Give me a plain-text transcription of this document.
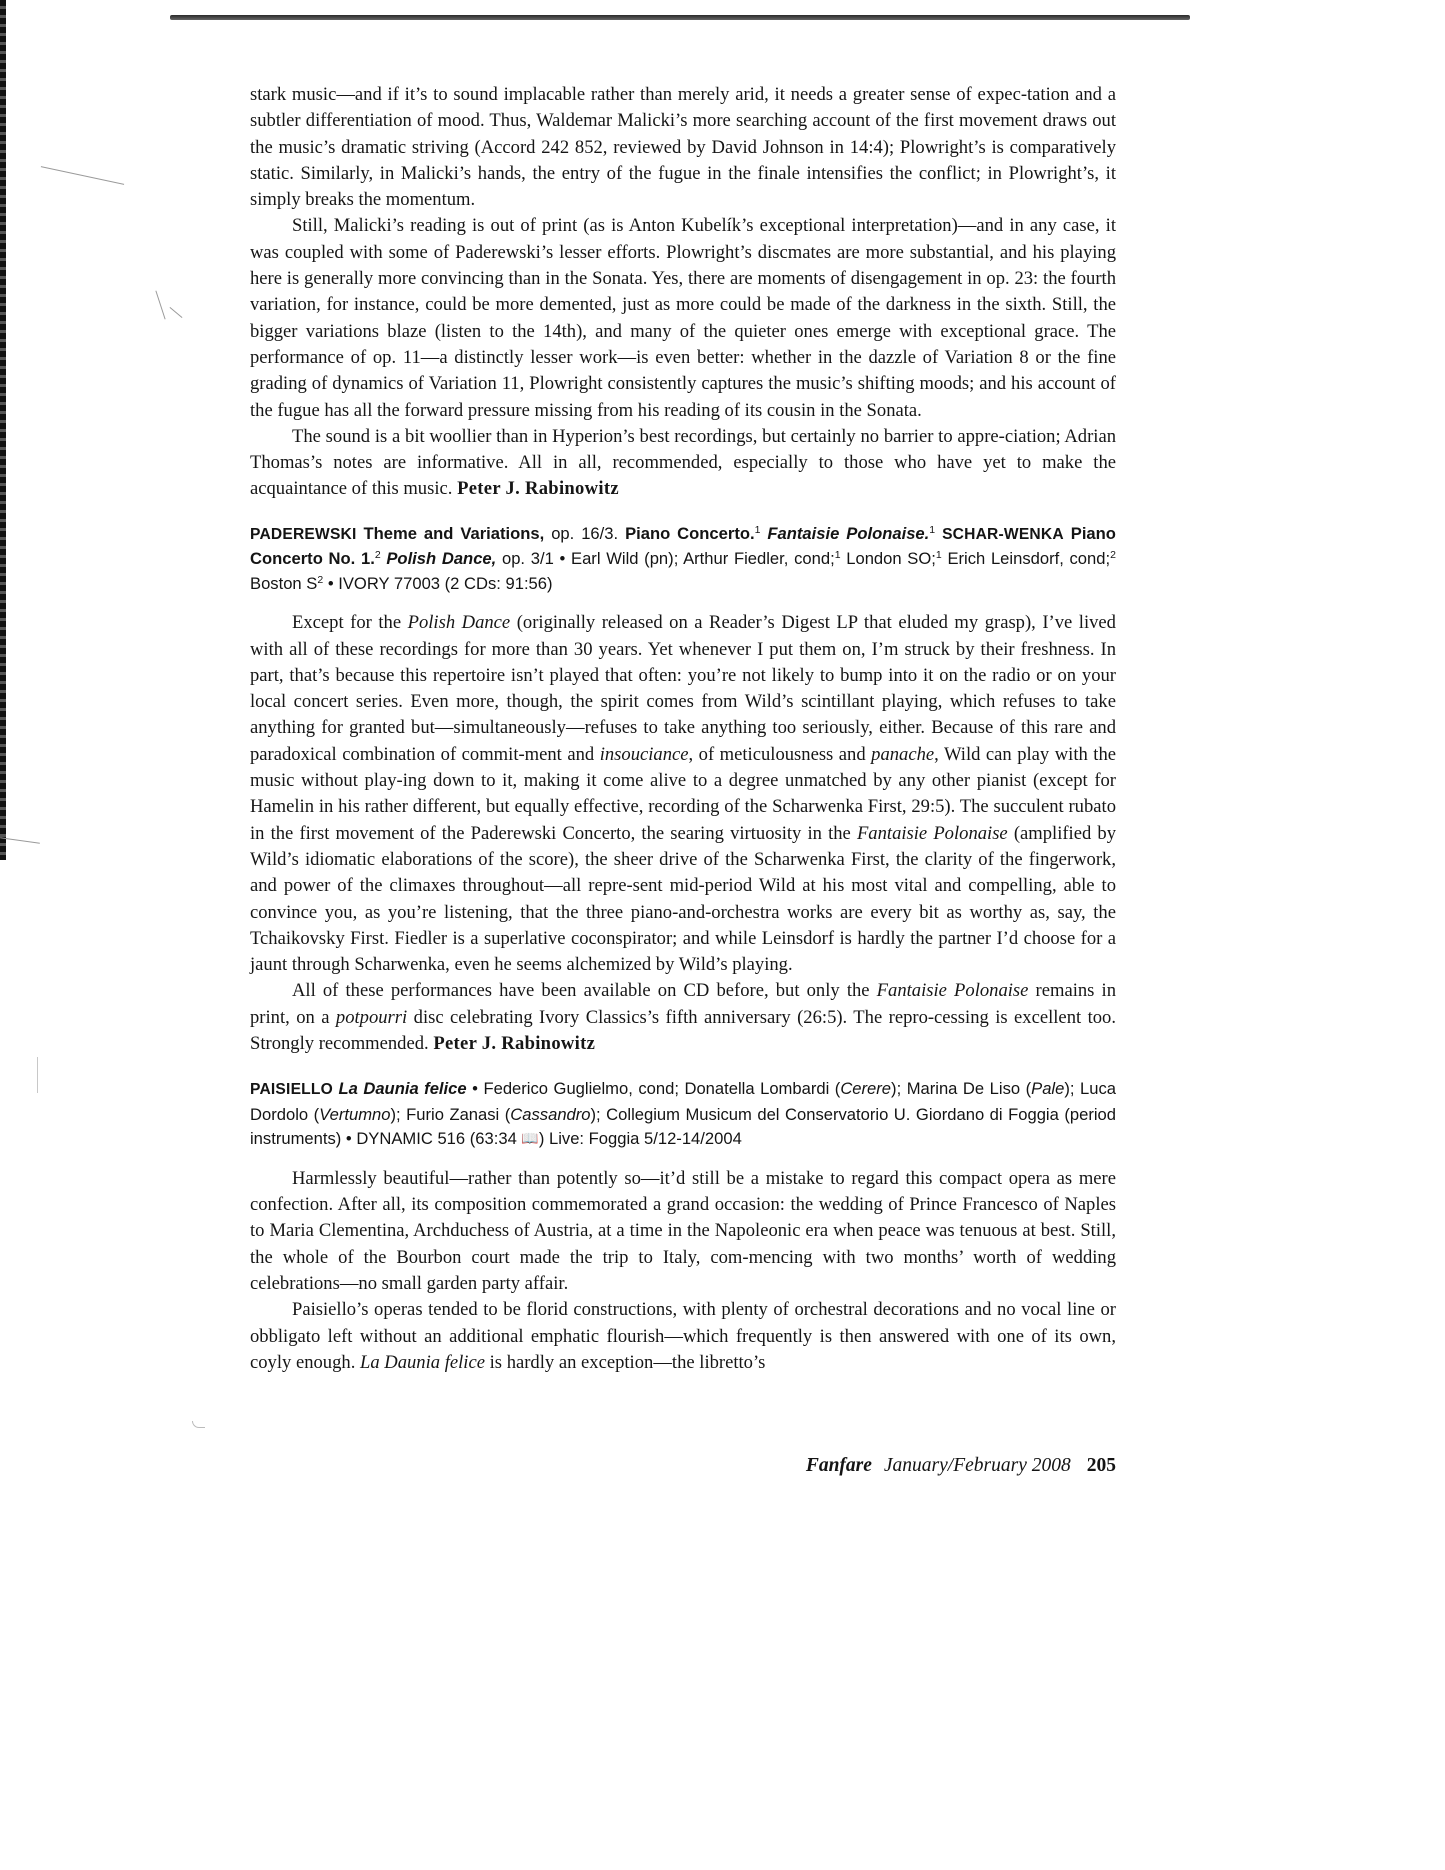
stark music—and if it’s to sound implacable rather than merely arid, it needs a greater sense of expec-tation and a subtler differentiation of mood. Thus, Waldemar Malicki’s more searching account of the first movement draws out the music’s dramatic striving (Accord 242 852, reviewed by David Johnson in 14:4); Plowright’s is comparatively static. Similarly, in Malicki’s hands, the entry of the fugue in the finale intensifies the conflict; in Plowright’s, it simply breaks the momentum.

Still, Malicki’s reading is out of print (as is Anton Kubelík’s exceptional interpretation)—and in any case, it was coupled with some of Paderewski’s lesser efforts. Plowright’s discmates are more substantial, and his playing here is generally more convincing than in the Sonata. Yes, there are moments of disengagement in op. 23: the fourth variation, for instance, could be more demented, just as more could be made of the darkness in the sixth. Still, the bigger variations blaze (listen to the 14th), and many of the quieter ones emerge with exceptional grace. The performance of op. 11—a distinctly lesser work—is even better: whether in the dazzle of Variation 8 or the fine grading of dynamics of Variation 11, Plowright consistently captures the music’s shifting moods; and his account of the fugue has all the forward pressure missing from his reading of its cousin in the Sonata.

The sound is a bit woollier than in Hyperion’s best recordings, but certainly no barrier to appre-ciation; Adrian Thomas’s notes are informative. All in all, recommended, especially to those who have yet to make the acquaintance of this music. Peter J. Rabinowitz

PADEREWSKI Theme and Variations, op. 16/3. Piano Concerto.$^1$ Fantaisie Polonaise.$^1$ SCHAR-WENKA Piano Concerto No. 1.$^2$ Polish Dance, op. 3/1 • Earl Wild (pn); Arthur Fiedler, cond;$^1$ London SO;$^1$ Erich Leinsdorf, cond;$^2$ Boston $S^2$ • IVORY 77003 (2 CDs: 91:56)

Except for the Polish Dance (originally released on a Reader’s Digest LP that eluded my grasp), I’ve lived with all of these recordings for more than 30 years. Yet whenever I put them on, I’m struck by their freshness. In part, that’s because this repertoire isn’t played that often: you’re not likely to bump into it on the radio or on your local concert series. Even more, though, the spirit comes from Wild’s scintillant playing, which refuses to take anything for granted but—simultaneously—refuses to take anything too seriously, either. Because of this rare and paradoxical combination of commit-ment and insouciance, of meticulousness and panache, Wild can play with the music without play-ing down to it, making it come alive to a degree unmatched by any other pianist (except for Hamelin in his rather different, but equally effective, recording of the Scharwenka First, 29:5). The succulent rubato in the first movement of the Paderewski Concerto, the searing virtuosity in the Fantaisie Polonaise (amplified by Wild’s idiomatic elaborations of the score), the sheer drive of the Scharwenka First, the clarity of the fingerwork, and power of the climaxes throughout—all repre-sent mid-period Wild at his most vital and compelling, able to convince you, as you’re listening, that the three piano-and-orchestra works are every bit as worthy as, say, the Tchaikovsky First. Fiedler is a superlative coconspirator; and while Leinsdorf is hardly the partner I’d choose for a jaunt through Scharwenka, even he seems alchemized by Wild’s playing.

All of these performances have been available on CD before, but only the Fantaisie Polonaise remains in print, on a potpourri disc celebrating Ivory Classics’s fifth anniversary (26:5). The repro-cessing is excellent too. Strongly recommended. Peter J. Rabinowitz

PAISIELLO La Daunia felice • Federico Guglielmo, cond; Donatella Lombardi (Cerere); Marina De Liso (Pale); Luca Dordolo (Vertumno); Furio Zanasi (Cassandro); Collegium Musicum del Conservatorio U. Giordano di Foggia (period instruments) • DYNAMIC 516 (63:34 📖) Live: Foggia 5/12-14/2004

Harmlessly beautiful—rather than potently so—it’d still be a mistake to regard this compact opera as mere confection. After all, its composition commemorated a grand occasion: the wedding of Prince Francesco of Naples to Maria Clementina, Archduchess of Austria, at a time in the Napoleonic era when peace was tenuous at best. Still, the whole of the Bourbon court made the trip to Italy, com-mencing with two months’ worth of wedding celebrations—no small garden party affair.

Paisiello’s operas tended to be florid constructions, with plenty of orchestral decorations and no vocal line or obbligato left without an additional emphatic flourish—which frequently is then answered with one of its own, coyly enough. La Daunia felice is hardly an exception—the libretto’s

Fanfare January/February 2008 205
